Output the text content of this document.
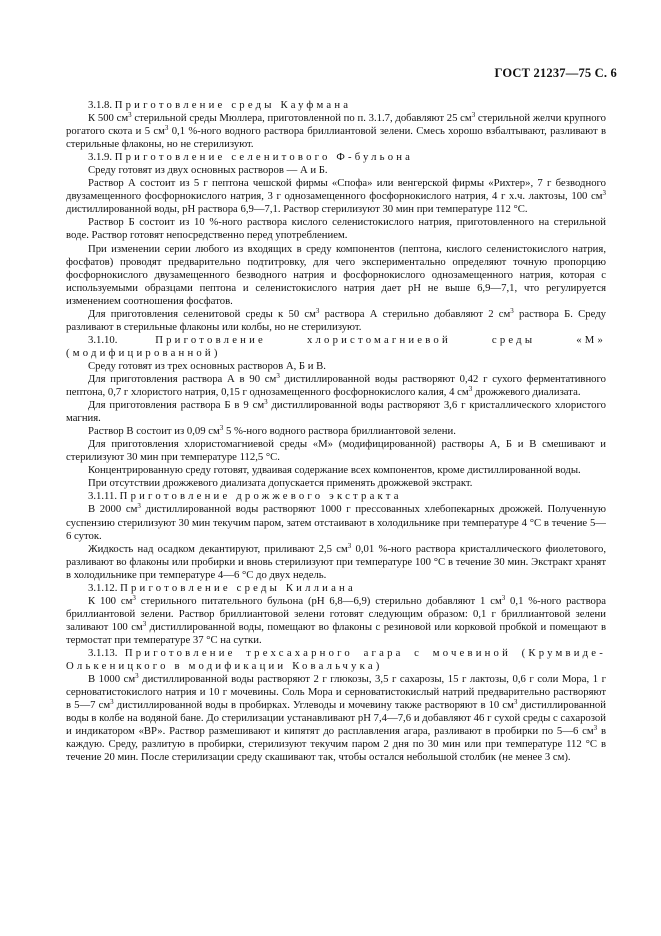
ГОСТ 21237—75 С. 6

3.1.8. Приготовление среды Кауфмана

К 500 $см^3$ стерильной среды Мюллера, приготовленной по п. 3.1.7, добавляют 25 $см^3$ стерильной желчи крупного рогатого скота и 5 $см^3$ 0,1 %-ного водного раствора бриллиантовой зелени. Смесь хорошо взбалтывают, разливают в стерильные флаконы, но не стерилизуют.

3.1.9. Приготовление селенитового Ф-бульона

Среду готовят из двух основных растворов — А и Б.

Раствор А состоит из 5 г пептона чешской фирмы «Спофа» или венгерской фирмы «Рихтер», 7 г безводного двузамещенного фосфорнокислого натрия, 3 г однозамещенного фосфорнокислого натрия, 4 г х.ч. лактозы, 100 $см^3$ дистиллированной воды, pH раствора 6,9—7,1. Раствор стерилизуют 30 мин при температуре 112 °С.

Раствор Б состоит из 10 %-ного раствора кислого селенистокислого натрия, приготовленного на стерильной воде. Раствор готовят непосредственно перед употреблением.

При изменении серии любого из входящих в среду компонентов (пептона, кислого селенистокислого натрия, фосфатов) проводят предварительно подтитровку, для чего экспериментально определяют точную пропорцию фосфорнокислого двузамещенного безводного натрия и фосфорнокислого однозамещенного натрия, которая с используемыми образцами пептона и селенистокислого натрия дает pH не выше 6,9—7,1, что регулируется изменением соотношения фосфатов.

Для приготовления селенитовой среды к 50 $см^3$ раствора А стерильно добавляют 2 $см^3$ раствора Б. Среду разливают в стерильные флаконы или колбы, но не стерилизуют.

3.1.10.	Приготовление хлористомагниевой среды «М» (модифицированной)

Среду готовят из трех основных растворов А, Б и В.

Для приготовления раствора А в 90 $см^3$ дистиллированной воды растворяют 0,42 г сухого ферментативного пептона, 0,7 г хлористого натрия, 0,15 г однозамещенного фосфорнокислого калия, 4 $см^3$ дрожжевого диализата.

Для приготовления раствора Б в 9 $см^3$ дистиллированной воды растворяют 3,6 г кристаллического хлористого магния.

Раствор В состоит из 0,09 $см^3$ 5 %-ного водного раствора бриллиантовой зелени.

Для приготовления хлористомагниевой среды «М» (модифицированной) растворы А, Б и В смешивают и стерилизуют 30 мин при температуре 112,5 °С.

Концентрированную среду готовят, удваивая содержание всех компонентов, кроме дистиллированной воды.

При отсутствии дрожжевого диализата допускается применять дрожжевой экстракт.

3.1.11. Приготовление дрожжевого экстракта

В 2000 $см^3$ дистиллированной воды растворяют 1000 г прессованных хлебопекарных дрожжей. Полученную суспензию стерилизуют 30 мин текучим паром, затем отстаивают в холодильнике при температуре 4 °С в течение 5—6 суток.

Жидкость над осадком декантируют, приливают 2,5 $см^3$ 0,01 %-ного раствора кристаллического фиолетового, разливают во флаконы или пробирки и вновь стерилизуют при температуре 100 °С в течение 30 мин. Экстракт хранят в холодильнике при температуре 4—6 °С до двух недель.

3.1.12. Приготовление среды Киллиана

К 100 $см^3$ стерильного питательного бульона (pH 6,8—6,9) стерильно добавляют 1 $см^3$ 0,1 %-ного раствора бриллиантовой зелени. Раствор бриллиантовой зелени готовят следующим образом: 0,1 г бриллиантовой зелени заливают 100 $см^3$ дистиллированной воды, помещают во флаконы с резиновой или корковой пробкой и помещают в термостат при температуре 37 °С на сутки.

3.1.13. Приготовление трехсахарного агара с мочевиной (Крумвиде-Олькеницкого в модификации Ковальчука)

В 1000 $см^3$ дистиллированной воды растворяют 2 г глюкозы, 3,5 г сахарозы, 15 г лактозы, 0,6 г соли Мора, 1 г серноватистокислого натрия и 10 г мочевины. Соль Мора и серноватистокислый натрий предварительно растворяют в 5—7 $см^3$ дистиллированной воды в пробирках. Углеводы и мочевину также растворяют в 10 $см^3$ дистиллированной воды в колбе на водяной бане. До стерилизации устанавливают pH 7,4—7,6 и добавляют 46 г сухой среды с сахарозой и индикатором «ВР». Раствор размешивают и кипятят до расплавления агара, разливают в пробирки по 5—6 $см^3$ в каждую. Среду, разлитую в пробирки, стерилизуют текучим паром 2 дня по 30 мин или при температуре 112 °С в течение 20 мин. После стерилизации среду скашивают так, чтобы остался небольшой столбик (не менее 3 см).
